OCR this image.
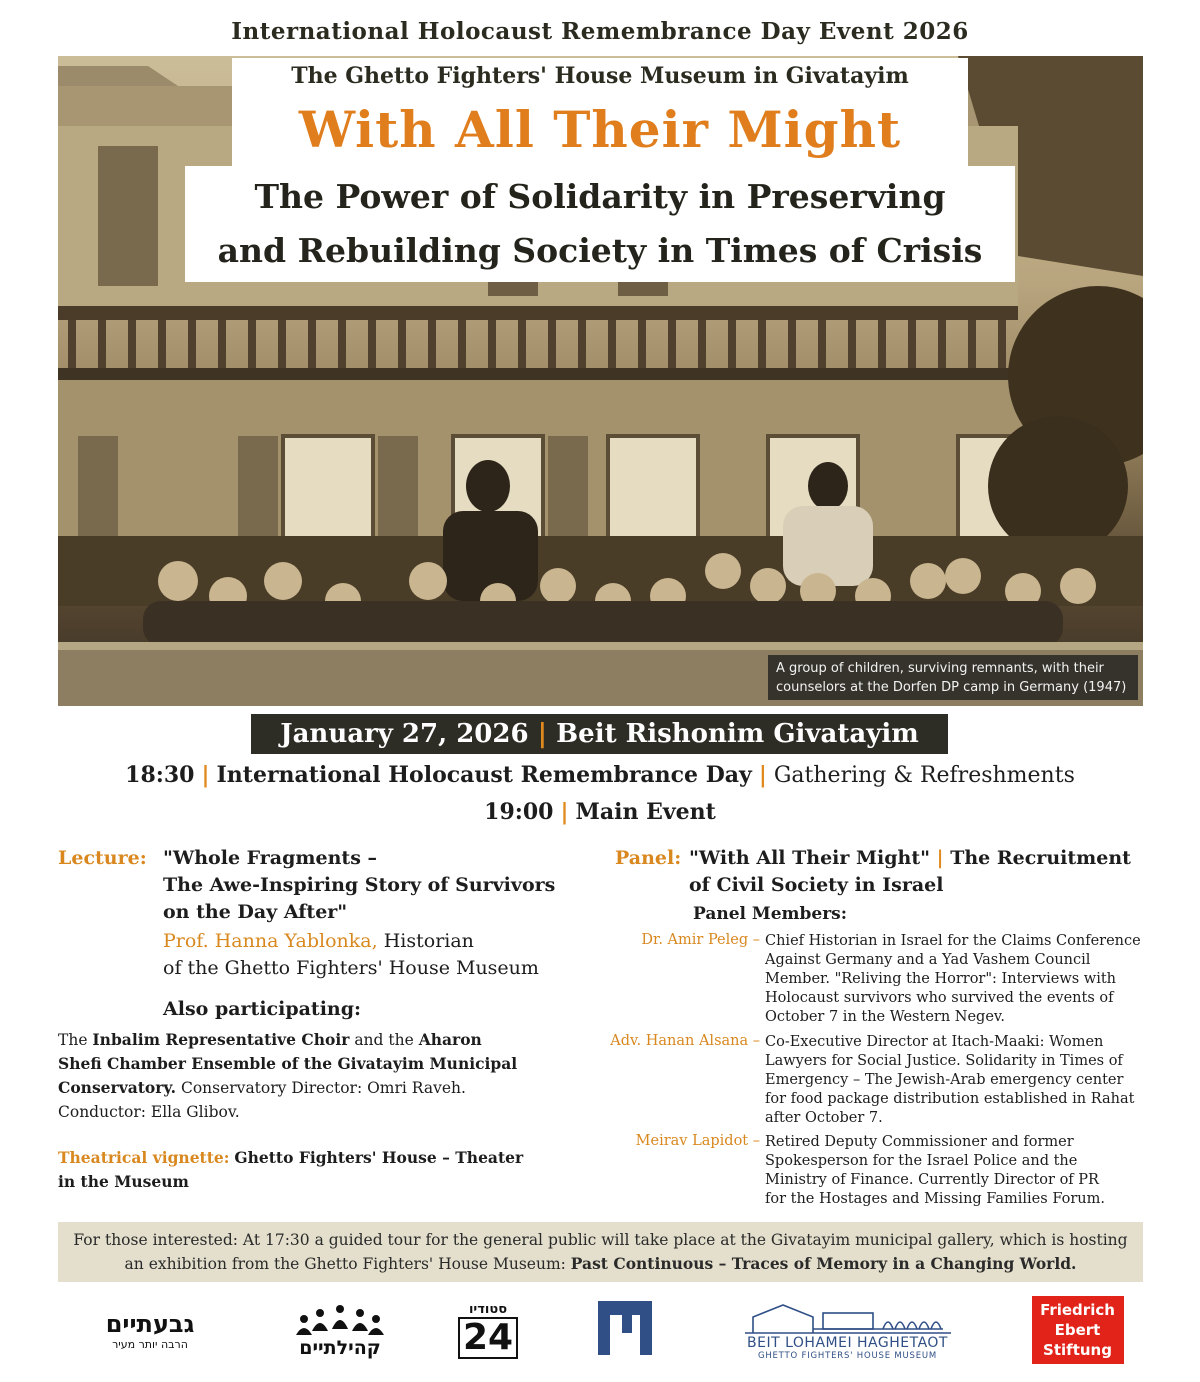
International Holocaust Remembrance Day Event 2026
The Ghetto Fighters' House Museum in Givatayim
With All Their Might
The Power of Solidarity in Preserving
and Rebuilding Society in Times of Crisis
A group of children, surviving remnants, with their
counselors at the Dorfen DP camp in Germany (1947)
January 27, 2026 | Beit Rishonim Givatayim
18:30 | International Holocaust Remembrance Day | Gathering & Refreshments
19:00 | Main Event
Lecture: "Whole Fragments –
The Awe-Inspiring Story of Survivors
on the Day After"
Prof. Hanna Yablonka, Historian
of the Ghetto Fighters' House Museum
Also participating:
The Inbalim Representative Choir and the Aharon
Shefi Chamber Ensemble of the Givatayim Municipal
Conservatory. Conservatory Director: Omri Raveh.
Conductor: Ella Glibov.
Theatrical vignette: Ghetto Fighters' House – Theater
in the Museum
Panel: "With All Their Might" | The Recruitment
of Civil Society in Israel
Panel Members:
Dr. Amir Peleg – Chief Historian in Israel for the Claims Conference
Against Germany and a Yad Vashem Council
Member. "Reliving the Horror": Interviews with
Holocaust survivors who survived the events of
October 7 in the Western Negev.
Adv. Hanan Alsana – Co-Executive Director at Itach-Maaki: Women
Lawyers for Social Justice. Solidarity in Times of
Emergency – The Jewish-Arab emergency center
for food package distribution established in Rahat
after October 7.
Meirav Lapidot – Retired Deputy Commissioner and former
Spokesperson for the Israel Police and the
Ministry of Finance. Currently Director of PR
for the Hostages and Missing Families Forum.
For those interested: At 17:30 a guided tour for the general public will take place at the Givatayim municipal gallery, which is hosting
an exhibition from the Ghetto Fighters' House Museum: Past Continuous – Traces of Memory in a Changing World.
גבעתיים
הרבה יותר מעיר	קהילתיים
סטודיו
24	BEIT LOHAMEI HAGHETAOT
GHETTO FIGHTERS' HOUSE MUSEUM
Friedrich
Ebert
Stiftung
